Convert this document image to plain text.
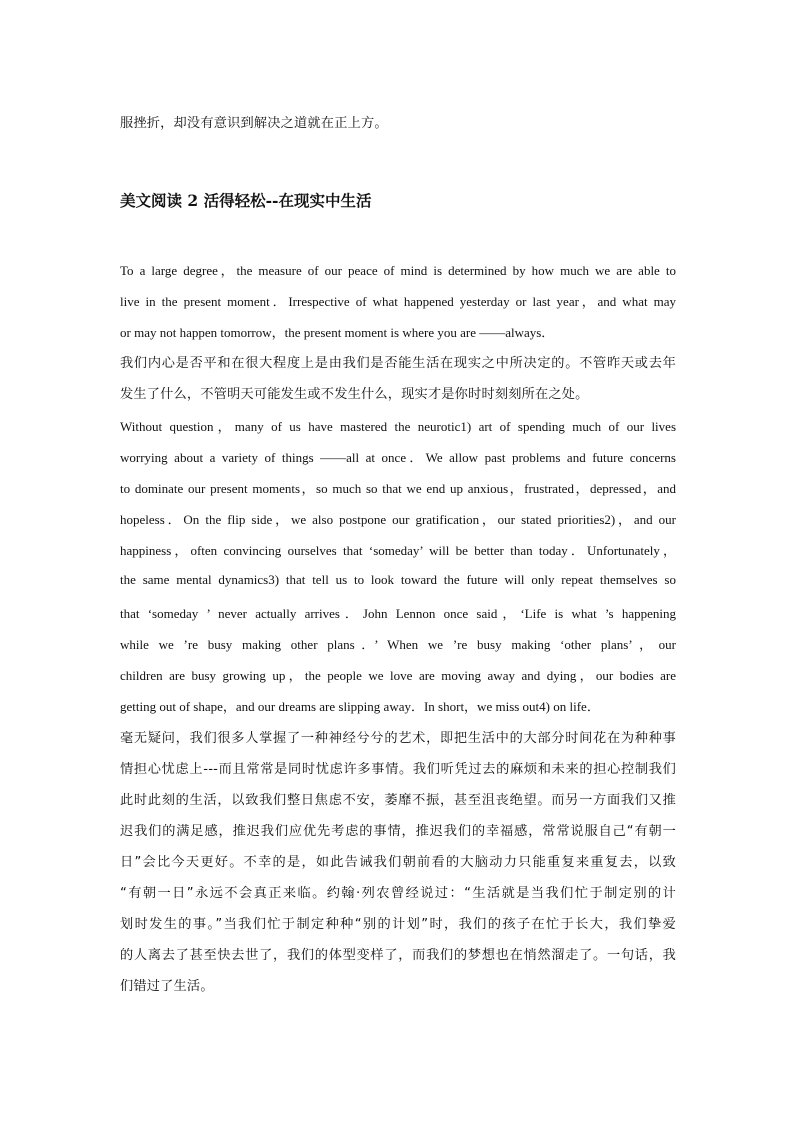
服挫折，却没有意识到解决之道就在正上方。

美文阅读 2 活得轻松--在现实中生活

To a large degree，the measure of our peace of mind is determined by how much we are able to

live in the present moment．Irrespective of what happened yesterday or last year，and what may

or may not happen tomorrow，the present moment is where you are ——always．

我们内心是否平和在很大程度上是由我们是否能生活在现实之中所决定的。不管昨天或去年

发生了什么，不管明天可能发生或不发生什么，现实才是你时时刻刻所在之处。

Without question，many of us have mastered the neurotic1) art of spending much of our lives

worrying about a variety of things ——all at once．We allow past problems and future concerns

to dominate our present moments，so much so that we end up anxious，frustrated，depressed，and

hopeless．On the flip side，we also postpone our gratification，our stated priorities2)，and our

happiness，often convincing ourselves that ‘someday’ will be better than today．Unfortunately，

the same mental dynamics3) that tell us to look toward the future will only repeat themselves so

that ‘someday ’ never actually arrives．John Lennon once said，‘Life is what ’s happening

while we ’re busy making other plans．’ When we ’re busy making ‘other plans’，our

children are busy growing up，the people we love are moving away and dying，our bodies are

getting out of shape，and our dreams are slipping away．In short，we miss out4) on life．

毫无疑问，我们很多人掌握了一种神经兮兮的艺术，即把生活中的大部分时间花在为种种事

情担心忧虑上---而且常常是同时忧虑许多事情。我们听凭过去的麻烦和未来的担心控制我们

此时此刻的生活，以致我们整日焦虑不安，萎靡不振，甚至沮丧绝望。而另一方面我们又推

迟我们的满足感，推迟我们应优先考虑的事情，推迟我们的幸福感，常常说服自己“有朝一

日”会比今天更好。不幸的是，如此告诫我们朝前看的大脑动力只能重复来重复去，以致

“有朝一日”永远不会真正来临。约翰·列农曾经说过：“生活就是当我们忙于制定别的计

划时发生的事。”当我们忙于制定种种“别的计划”时，我们的孩子在忙于长大，我们挚爱

的人离去了甚至快去世了，我们的体型变样了，而我们的梦想也在悄然溜走了。一句话，我

们错过了生活。
